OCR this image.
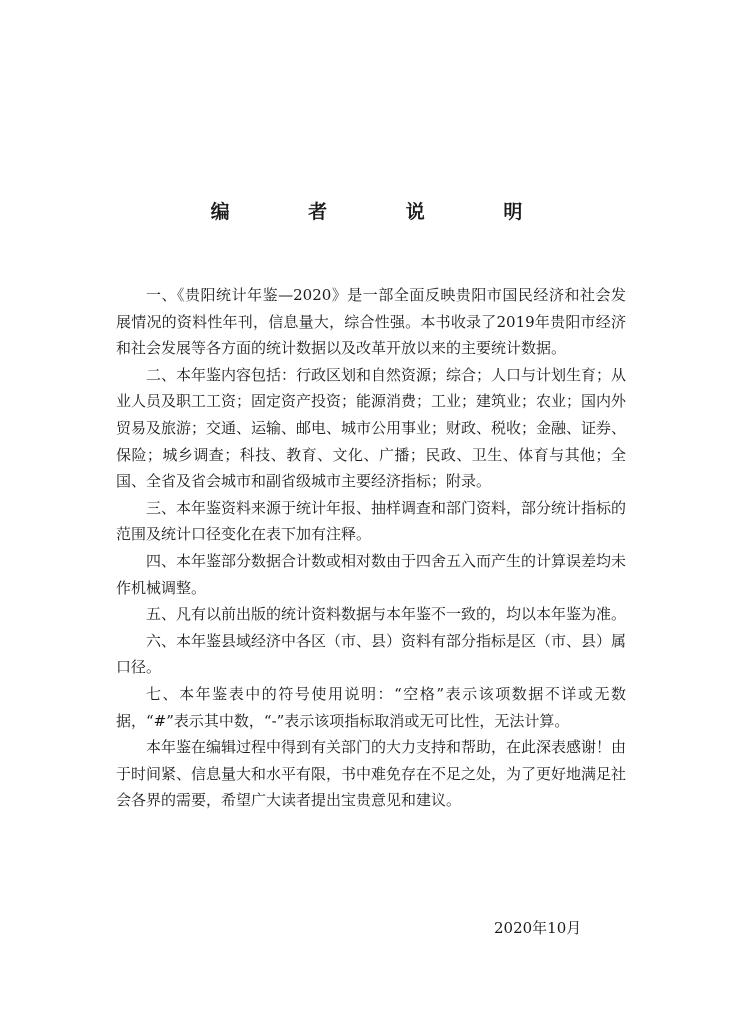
编 者 说 明

一、《贵阳统计年鉴—2020》是一部全面反映贵阳市国民经济和社会发展情况的资料性年刊，信息量大，综合性强。本书收录了2019年贵阳市经济和社会发展等各方面的统计数据以及改革开放以来的主要统计数据。

二、本年鉴内容包括：行政区划和自然资源；综合；人口与计划生育；从业人员及职工工资；固定资产投资；能源消费；工业；建筑业；农业；国内外贸易及旅游；交通、运输、邮电、城市公用事业；财政、税收；金融、证券、保险；城乡调查；科技、教育、文化、广播；民政、卫生、体育与其他；全国、全省及省会城市和副省级城市主要经济指标；附录。

三、本年鉴资料来源于统计年报、抽样调查和部门资料，部分统计指标的范围及统计口径变化在表下加有注释。

四、本年鉴部分数据合计数或相对数由于四舍五入而产生的计算误差均未作机械调整。

五、凡有以前出版的统计资料数据与本年鉴不一致的，均以本年鉴为准。

六、本年鉴县域经济中各区（市、县）资料有部分指标是区（市、县）属口径。

七、本年鉴表中的符号使用说明：“空格”表示该项数据不详或无数据，“#”表示其中数，“-”表示该项指标取消或无可比性，无法计算。

本年鉴在编辑过程中得到有关部门的大力支持和帮助，在此深表感谢！由于时间紧、信息量大和水平有限，书中难免存在不足之处，为了更好地满足社会各界的需要，希望广大读者提出宝贵意见和建议。

2020年10月
